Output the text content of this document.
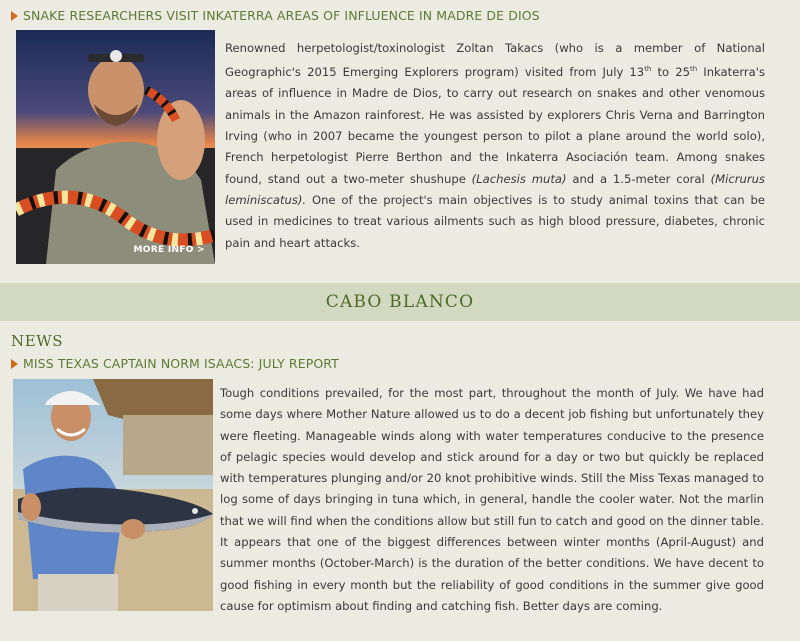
SNAKE RESEARCHERS VISIT INKATERRA AREAS OF INFLUENCE IN MADRE DE DIOS
MORE INFO >
Renowned herpetologist/toxinologist Zoltan Takacs (who is a member of National Geographic's 2015 Emerging Explorers program) visited from July 13th to 25th Inkaterra's areas of influence in Madre de Dios, to carry out research on snakes and other venomous animals in the Amazon rainforest. He was assisted by explorers Chris Verna and Barrington Irving (who in 2007 became the youngest person to pilot a plane around the world solo), French herpetologist Pierre Berthon and the Inkaterra Asociación team. Among snakes found, stand out a two-meter shushupe (Lachesis muta) and a 1.5-meter coral (Micrurus leminiscatus). One of the project's main objectives is to study animal toxins that can be used in medicines to treat various ailments such as high blood pressure, diabetes, chronic pain and heart attacks.
CABO BLANCO
NEWS
MISS TEXAS CAPTAIN NORM ISAACS: JULY REPORT
Tough conditions prevailed, for the most part, throughout the month of July. We have had some days where Mother Nature allowed us to do a decent job fishing but unfortunately they were fleeting. Manageable winds along with water temperatures conducive to the presence of pelagic species would develop and stick around for a day or two but quickly be replaced with temperatures plunging and/or 20 knot prohibitive winds. Still the Miss Texas managed to log some of days bringing in tuna which, in general, handle the cooler water. Not the marlin that we will find when the conditions allow but still fun to catch and good on the dinner table. It appears that one of the biggest differences between winter months (April-August) and summer months (October-March) is the duration of the better conditions. We have decent to good fishing in every month but the reliability of good conditions in the summer give good cause for optimism about finding and catching fish. Better days are coming.
